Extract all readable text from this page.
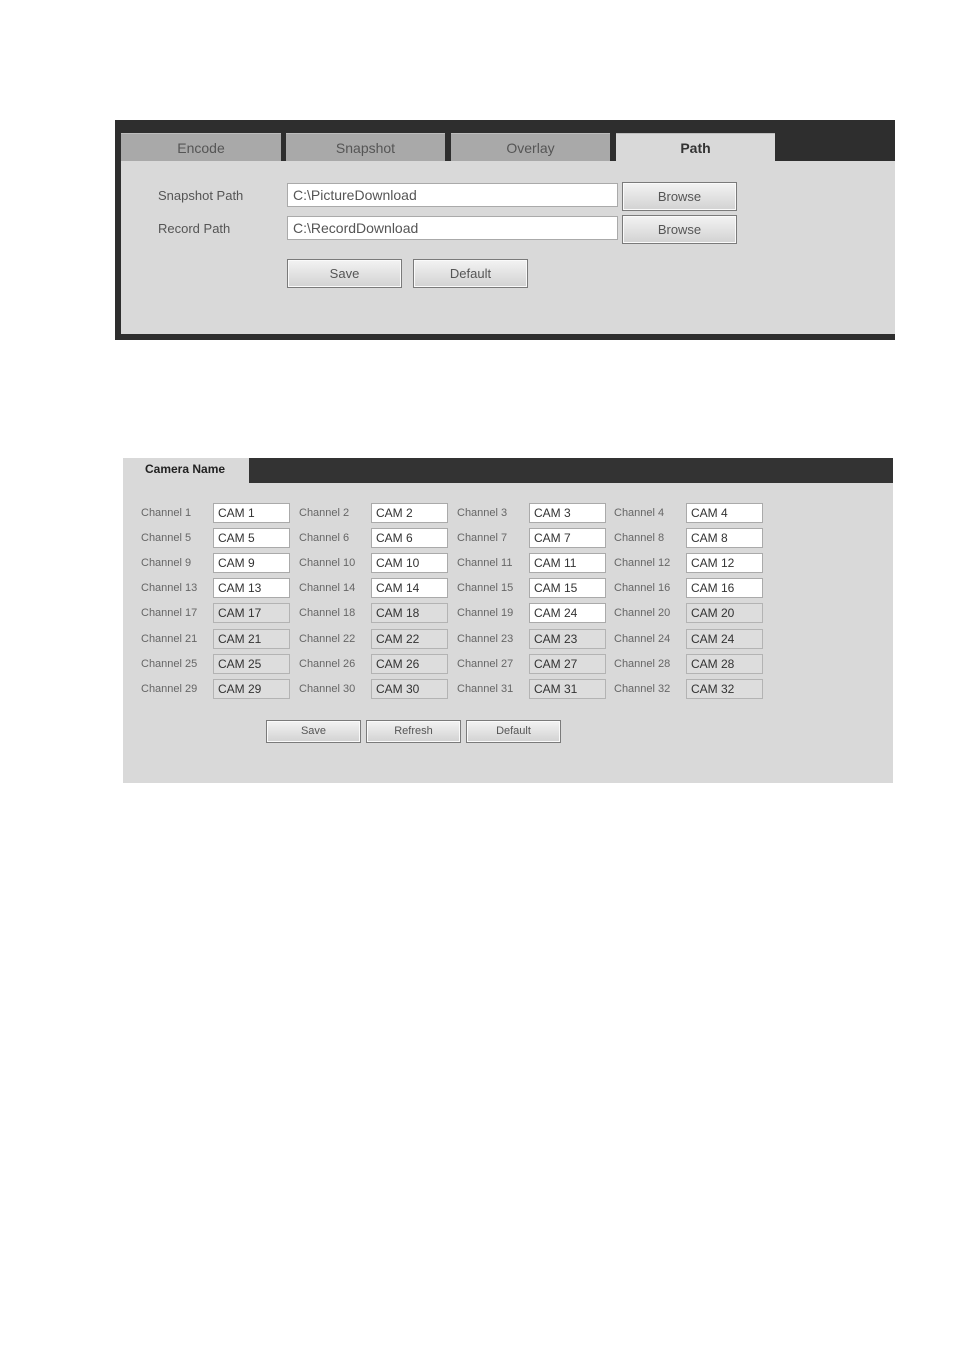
Encode	Snapshot	Overlay	Path
Snapshot Path	C:\PictureDownload	Browse
Record Path	C:\RecordDownload	Browse
Save	Default
Camera Name
Channel 1	CAM 1	Channel 2	CAM 2	Channel 3	CAM 3	Channel 4	CAM 4
Channel 5	CAM 5	Channel 6	CAM 6	Channel 7	CAM 7	Channel 8	CAM 8
Channel 9	CAM 9	Channel 10	CAM 10	Channel 11	CAM 11	Channel 12	CAM 12
Channel 13	CAM 13	Channel 14	CAM 14	Channel 15	CAM 15	Channel 16	CAM 16
Channel 17	CAM 17	Channel 18	CAM 18	Channel 19	CAM 24	Channel 20	CAM 20
Channel 21	CAM 21	Channel 22	CAM 22	Channel 23	CAM 23	Channel 24	CAM 24
Channel 25	CAM 25	Channel 26	CAM 26	Channel 27	CAM 27	Channel 28	CAM 28
Channel 29	CAM 29	Channel 30	CAM 30	Channel 31	CAM 31	Channel 32	CAM 32
Save	Refresh	Default
